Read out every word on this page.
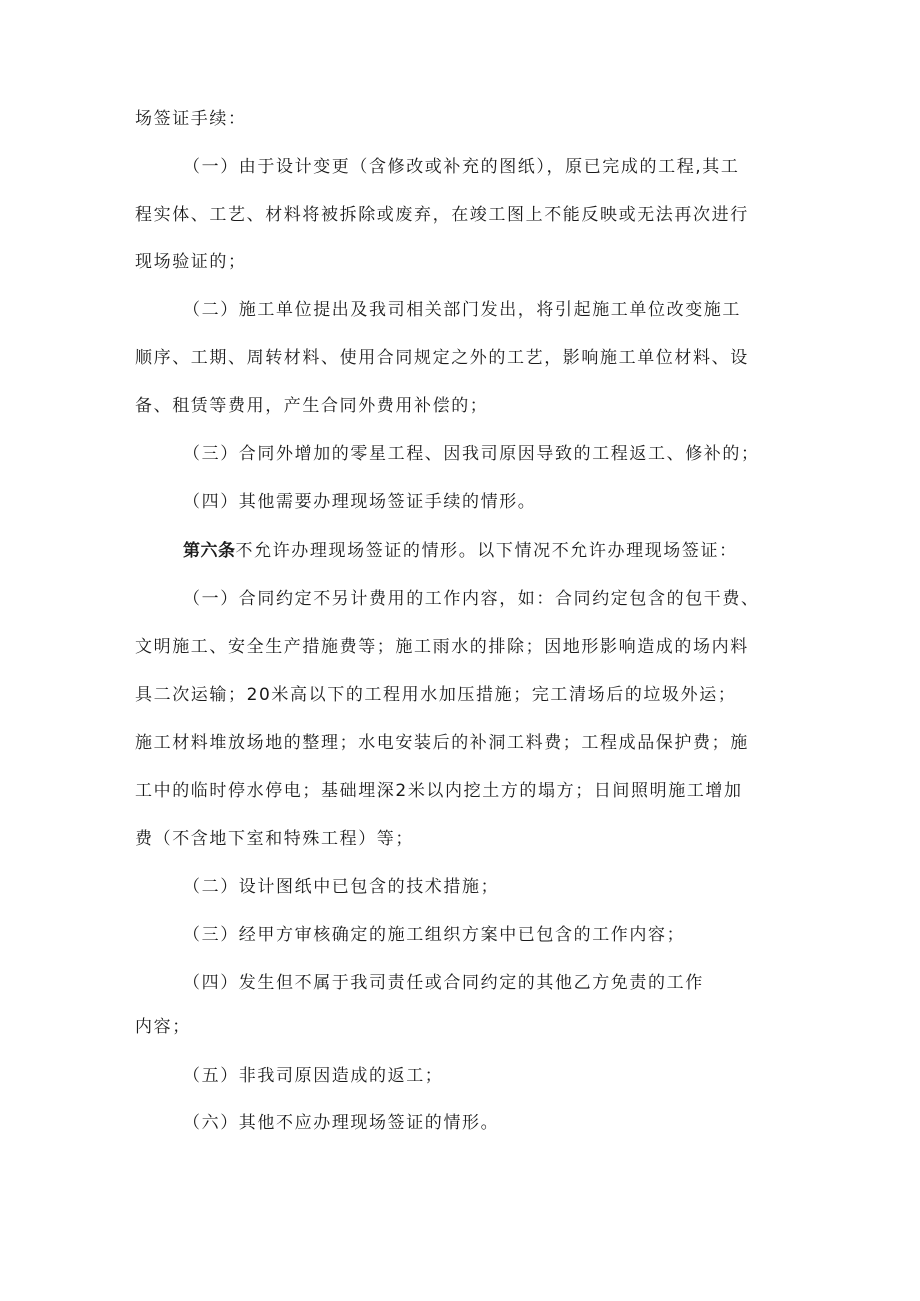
场签证手续：
（一）由于设计变更（含修改或补充的图纸），原已完成的工程,其工
程实体、工艺、材料将被拆除或废弃，在竣工图上不能反映或无法再次进行
现场验证的；
（二）施工单位提出及我司相关部门发出，将引起施工单位改变施工
顺序、工期、周转材料、使用合同规定之外的工艺，影响施工单位材料、设
备、租赁等费用，产生合同外费用补偿的；
（三）合同外增加的零星工程、因我司原因导致的工程返工、修补的；
（四）其他需要办理现场签证手续的情形。
第六条不允许办理现场签证的情形。以下情况不允许办理现场签证：
（一）合同约定不另计费用的工作内容，如：合同约定包含的包干费、
文明施工、安全生产措施费等；施工雨水的排除；因地形影响造成的场内料
具二次运输；20米高以下的工程用水加压措施；完工清场后的垃圾外运；
施工材料堆放场地的整理；水电安装后的补洞工料费；工程成品保护费；施
工中的临时停水停电；基础埋深2米以内挖土方的塌方；日间照明施工增加
费（不含地下室和特殊工程）等；
（二）设计图纸中已包含的技术措施；
（三）经甲方审核确定的施工组织方案中已包含的工作内容；
（四）发生但不属于我司责任或合同约定的其他乙方免责的工作
内容；
（五）非我司原因造成的返工；
（六）其他不应办理现场签证的情形。
